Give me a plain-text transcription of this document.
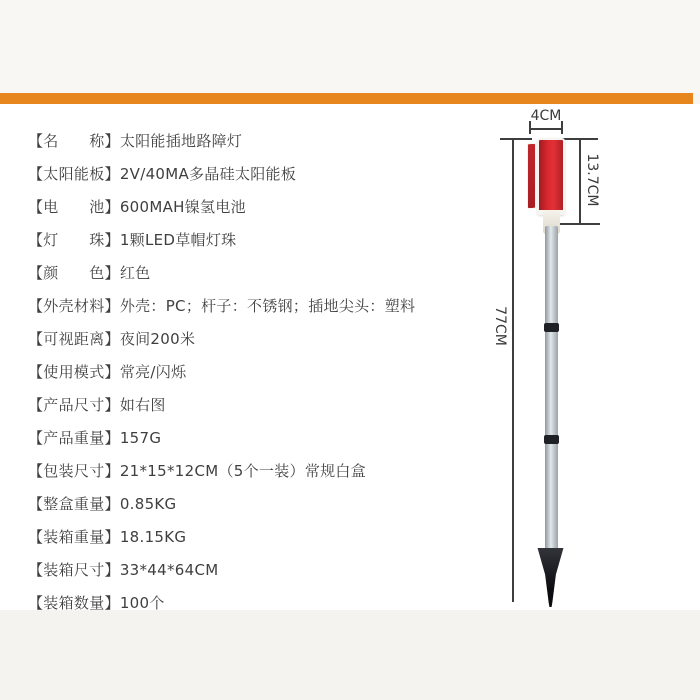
【名　　称】 太阳能插地路障灯
【太阳能板】 2V/40MA多晶硅太阳能板
【电　　池】 600MAH镍氢电池
【灯　　珠】 1颗LED草帽灯珠
【颜　　色】 红色
【外壳材料】 外壳：PC；杆子：不锈钢；插地尖头：塑料
【可视距离】 夜间200米
【使用模式】 常亮/闪烁
【产品尺寸】 如右图
【产品重量】 157G
【包装尺寸】 21*15*12CM（5个一装）常规白盒
【整盒重量】 0.85KG
【装箱重量】 18.15KG
【装箱尺寸】 33*44*64CM
【装箱数量】 100个
4CM
77CM
13.7CM
